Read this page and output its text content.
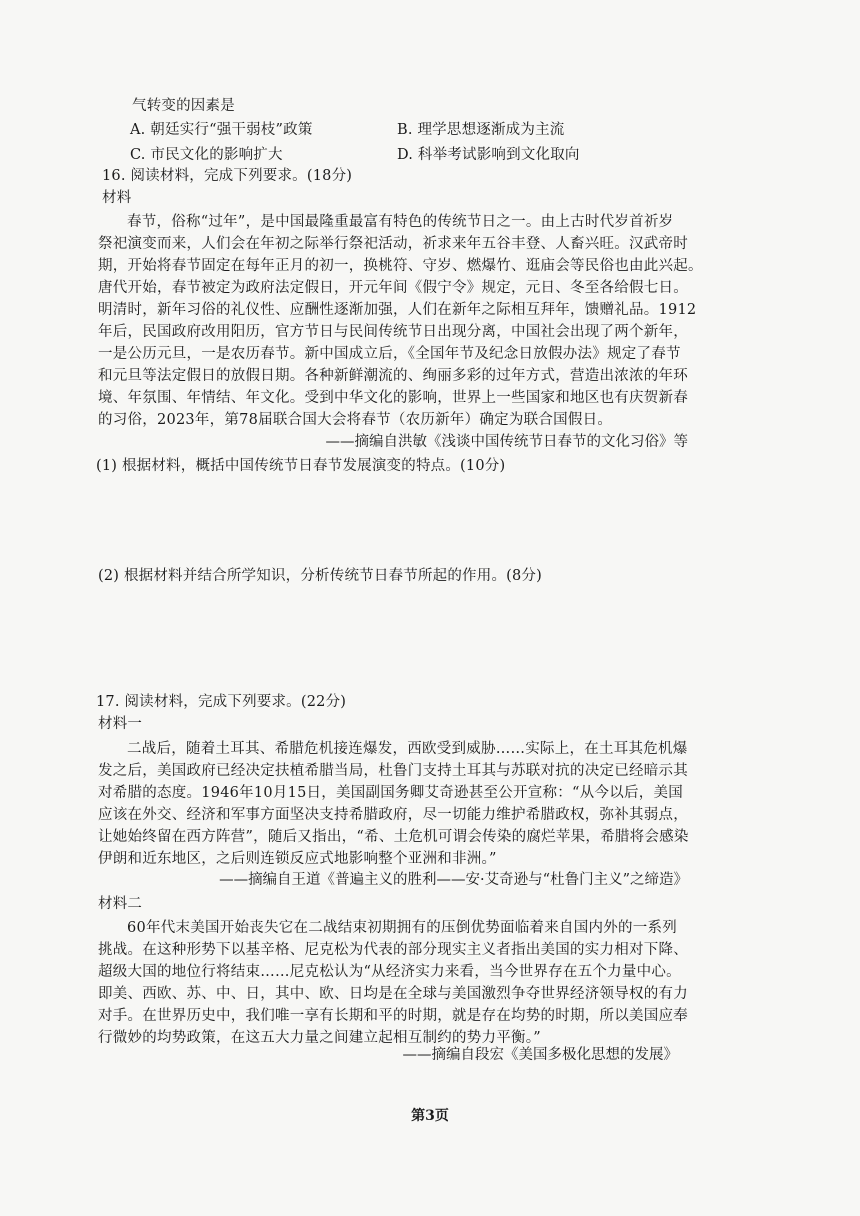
气转变的因素是
A. 朝廷实行“强干弱枝”政策	B. 理学思想逐渐成为主流
C. 市民文化的影响扩大	D. 科举考试影响到文化取向
16. 阅读材料，完成下列要求。(18分)
材料
春节，俗称“过年”，是中国最隆重最富有特色的传统节日之一。由上古时代岁首祈岁
祭祀演变而来，人们会在年初之际举行祭祀活动，祈求来年五谷丰登、人畜兴旺。汉武帝时
期，开始将春节固定在每年正月的初一，换桃符、守岁、燃爆竹、逛庙会等民俗也由此兴起。
唐代开始，春节被定为政府法定假日，开元年间《假宁令》规定，元日、冬至各给假七日。
明清时，新年习俗的礼仪性、应酬性逐渐加强，人们在新年之际相互拜年，馈赠礼品。1912
年后，民国政府改用阳历，官方节日与民间传统节日出现分离，中国社会出现了两个新年，
一是公历元旦，一是农历春节。新中国成立后，《全国年节及纪念日放假办法》规定了春节
和元旦等法定假日的放假日期。各种新鲜潮流的、绚丽多彩的过年方式，营造出浓浓的年环
境、年氛围、年情结、年文化。受到中华文化的影响，世界上一些国家和地区也有庆贺新春
的习俗，2023年，第78届联合国大会将春节（农历新年）确定为联合国假日。
——摘编自洪敏《浅谈中国传统节日春节的文化习俗》等
(1) 根据材料，概括中国传统节日春节发展演变的特点。(10分)
(2) 根据材料并结合所学知识，分析传统节日春节所起的作用。(8分)
17. 阅读材料，完成下列要求。(22分)
材料一
二战后，随着土耳其、希腊危机接连爆发，西欧受到威胁……实际上，在土耳其危机爆
发之后，美国政府已经决定扶植希腊当局，杜鲁门支持土耳其与苏联对抗的决定已经暗示其
对希腊的态度。1946年10月15日，美国副国务卿艾奇逊甚至公开宣称：“从今以后，美国
应该在外交、经济和军事方面坚决支持希腊政府，尽一切能力维护希腊政权，弥补其弱点，
让她始终留在西方阵营”，随后又指出，“希、土危机可谓会传染的腐烂苹果，希腊将会感染
伊朗和近东地区，之后则连锁反应式地影响整个亚洲和非洲。”
——摘编自王道《普遍主义的胜利——安·艾奇逊与“杜鲁门主义”之缔造》
材料二
60年代末美国开始丧失它在二战结束初期拥有的压倒优势面临着来自国内外的一系列
挑战。在这种形势下以基辛格、尼克松为代表的部分现实主义者指出美国的实力相对下降、
超级大国的地位行将结束……尼克松认为“从经济实力来看，当今世界存在五个力量中心。
即美、西欧、苏、中、日，其中、欧、日均是在全球与美国激烈争夺世界经济领导权的有力
对手。在世界历史中，我们唯一享有长期和平的时期，就是存在均势的时期，所以美国应奉
行微妙的均势政策，在这五大力量之间建立起相互制约的势力平衡。”
——摘编自段宏《美国多极化思想的发展》
第3页
